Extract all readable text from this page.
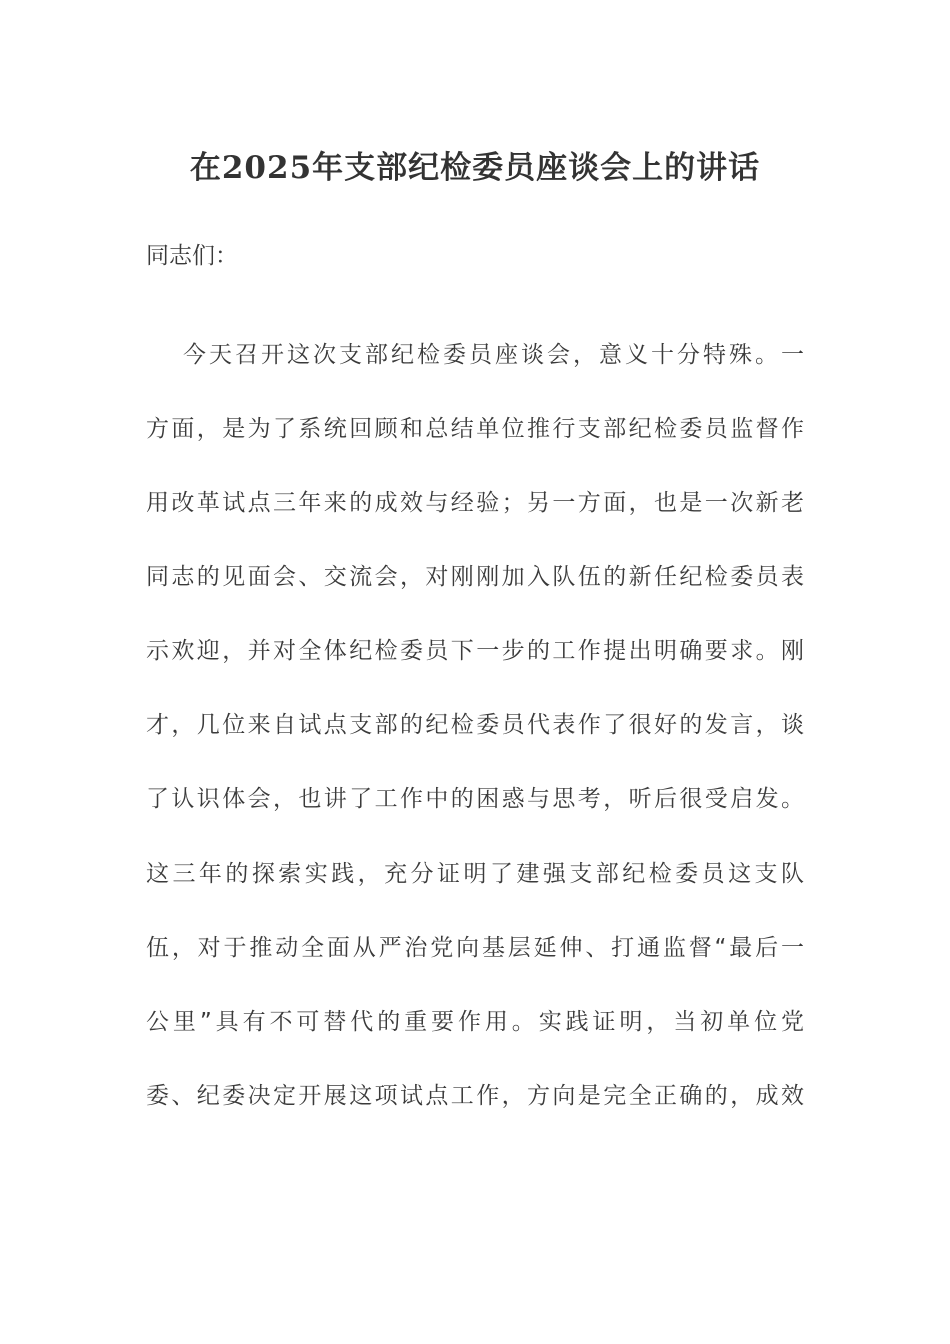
在2025年支部纪检委员座谈会上的讲话
同志们：
今天召开这次支部纪检委员座谈会，意义十分特殊。一
方面，是为了系统回顾和总结单位推行支部纪检委员监督作
用改革试点三年来的成效与经验；另一方面，也是一次新老
同志的见面会、交流会，对刚刚加入队伍的新任纪检委员表
示欢迎，并对全体纪检委员下一步的工作提出明确要求。刚
才，几位来自试点支部的纪检委员代表作了很好的发言，谈
了认识体会，也讲了工作中的困惑与思考，听后很受启发。
这三年的探索实践，充分证明了建强支部纪检委员这支队
伍，对于推动全面从严治党向基层延伸、打通监督“最后一
公里”具有不可替代的重要作用。实践证明，当初单位党
委、纪委决定开展这项试点工作，方向是完全正确的，成效
